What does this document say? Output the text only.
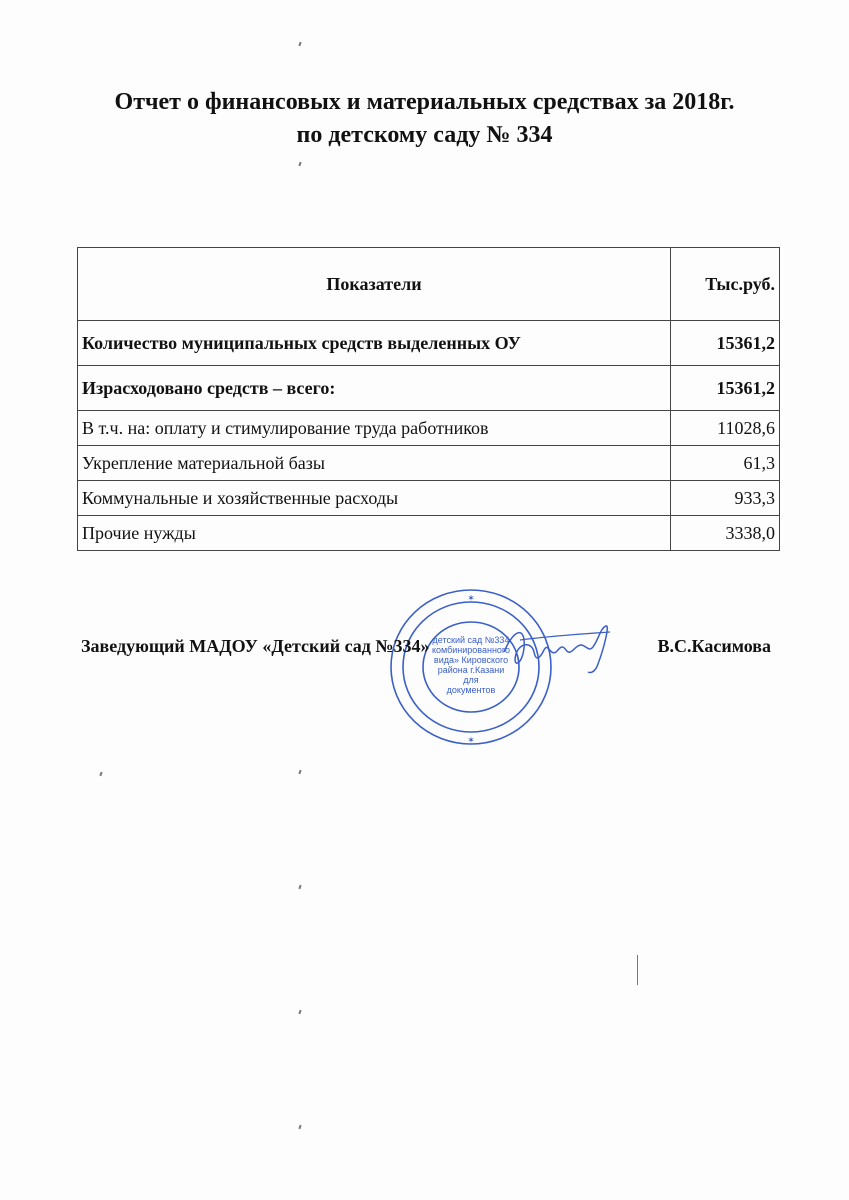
Отчет о финансовых и материальных средствах за 2018г.
по детскому саду № 334
Показатели	Тыс.руб.
Количество муниципальных средств выделенных ОУ	15361,2
Израсходовано средств – всего:	15361,2
В т.ч. на: оплату и стимулирование труда работников	11028,6
Укрепление материальной базы	61,3
Коммунальные и хозяйственные расходы	933,3
Прочие нужды	3338,0
детский сад №334 комбинированного вида» Кировского района г.Казани для документов
✶
✶
Заведующий МАДОУ «Детский сад №334»	В.С.Касимова
